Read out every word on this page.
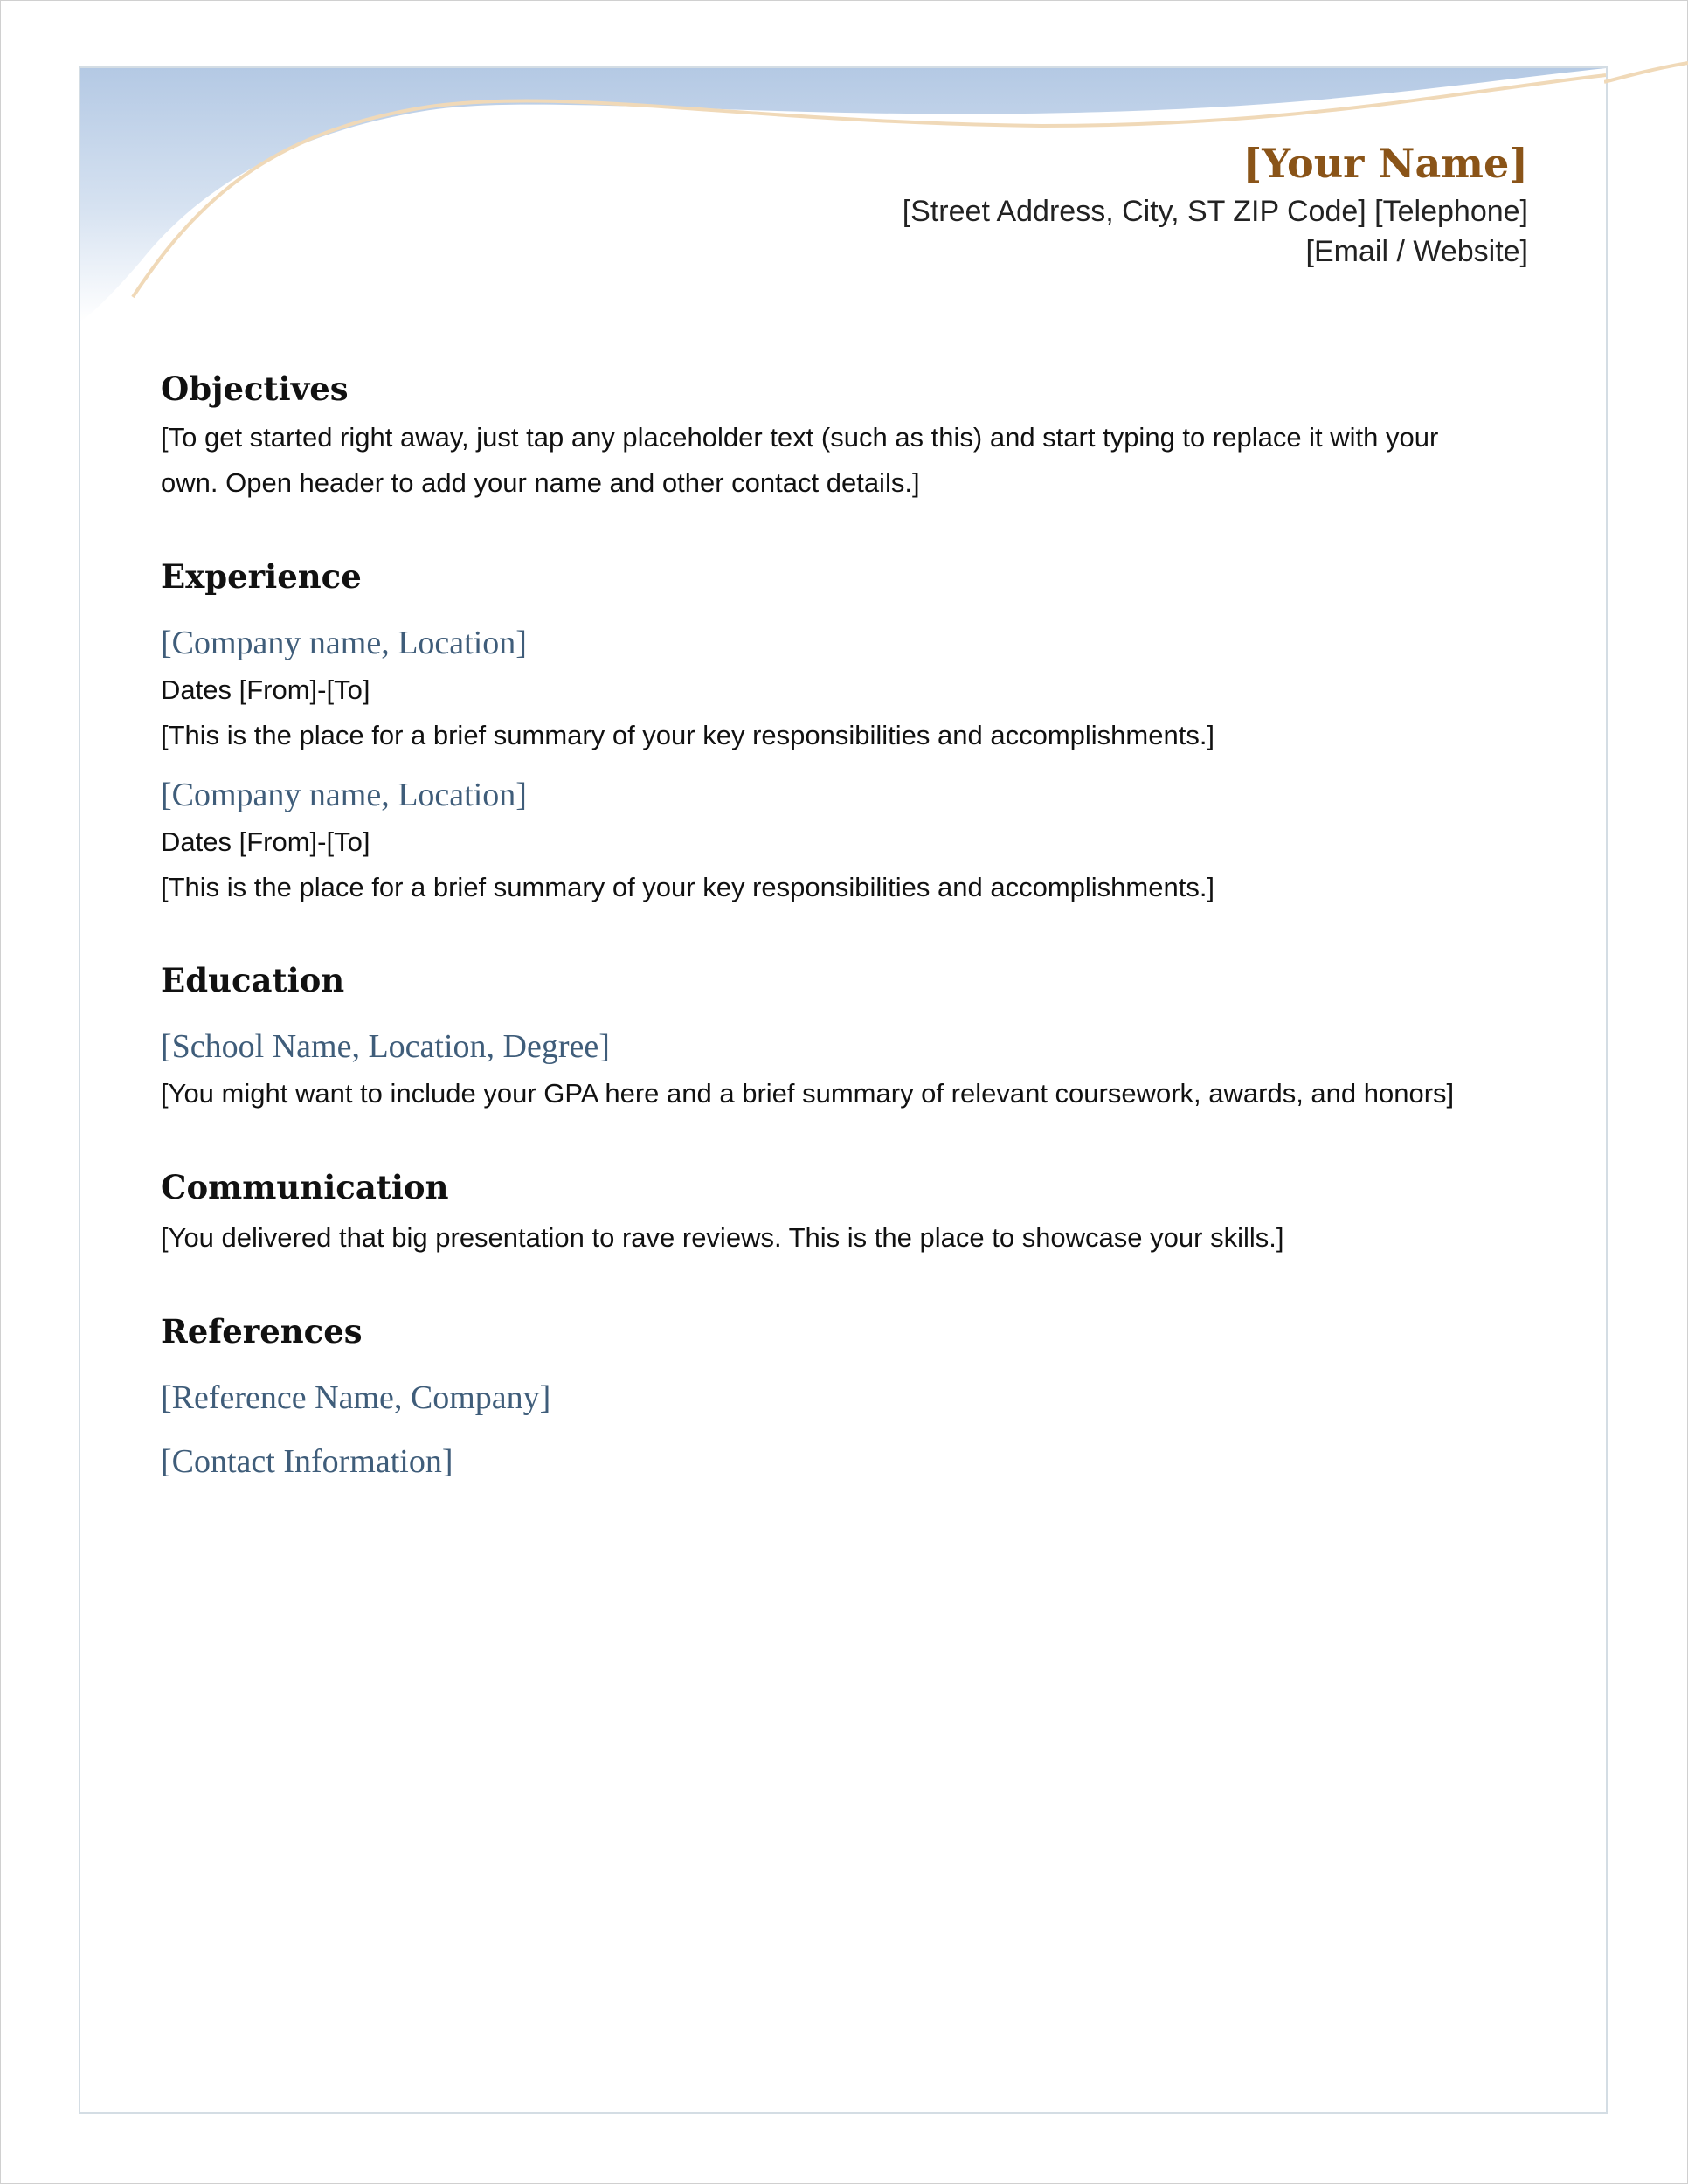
[Your Name]
[Street Address, City, ST ZIP Code] [Telephone]
[Email / Website]
Objectives
[To get started right away, just tap any placeholder text (such as this) and start typing to replace it with your
own. Open header to add your name and other contact details.]
Experience
[Company name, Location]
Dates [From]-[To]
[This is the place for a brief summary of your key responsibilities and accomplishments.]
[Company name, Location]
Dates [From]-[To]
[This is the place for a brief summary of your key responsibilities and accomplishments.]
Education
[School Name, Location, Degree]
[You might want to include your GPA here and a brief summary of relevant coursework, awards, and honors]
Communication
[You delivered that big presentation to rave reviews. This is the place to showcase your skills.]
References
[Reference Name, Company]
[Contact Information]
